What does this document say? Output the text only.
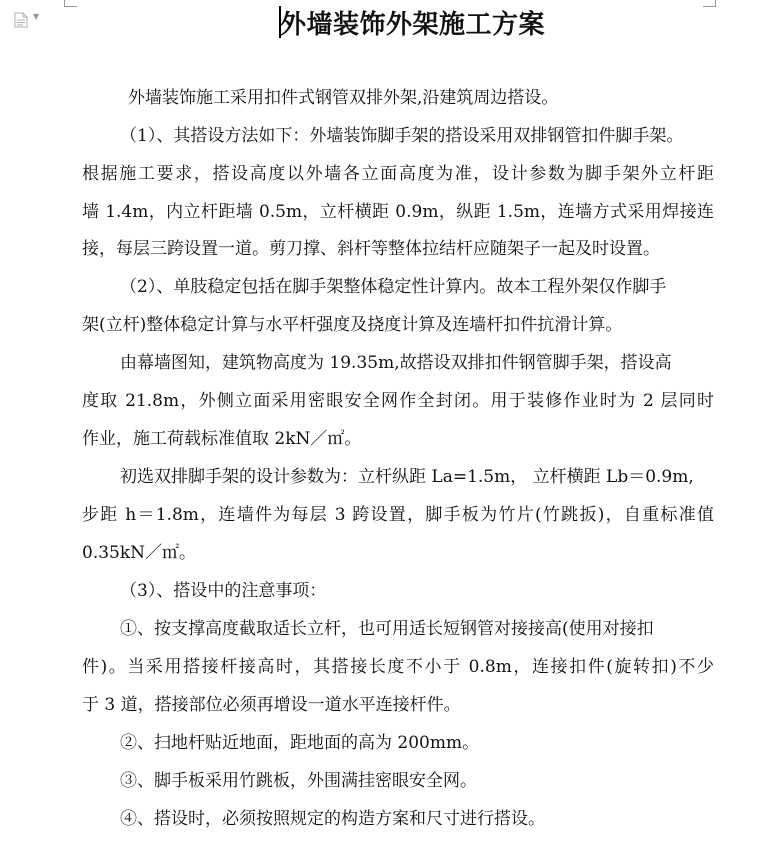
▼	外墙装饰外架施工方案
外墙装饰施工采用扣件式钢管双排外架,沿建筑周边搭设。
（1）、其搭设方法如下：外墙装饰脚手架的搭设采用双排钢管扣件脚手架。
根据施工要求，搭设高度以外墙各立面高度为准，设计参数为脚手架外立杆距
墙 1.4m，内立杆距墙 0.5m，立杆横距 0.9m，纵距 1.5m，连墙方式采用焊接连
接，每层三跨设置一道。剪刀撑、斜杆等整体拉结杆应随架子一起及时设置。
（2）、单肢稳定包括在脚手架整体稳定性计算内。故本工程外架仅作脚手
架(立杆)整体稳定计算与水平杆强度及挠度计算及连墙杆扣件抗滑计算。
由幕墙图知，建筑物高度为 19.35m,故搭设双排扣件钢管脚手架，搭设高
度取 21.8m，外侧立面采用密眼安全网作全封闭。用于装修作业时为 2 层同时
作业，施工荷载标准值取 2kN／㎡。
初选双排脚手架的设计参数为：立杆纵距 La=1.5m， 立杆横距 Lb＝0.9m,
步距 h＝1.8m，连墙件为每层 3 跨设置，脚手板为竹片(竹跳扳)，自重标准值
0.35kN／㎡。
（3）、搭设中的注意事项：
①、按支撑高度截取适长立杆，也可用适长短钢管对接接高(使用对接扣
件)。当采用搭接杆接高时，其搭接长度不小于 0.8m，连接扣件(旋转扣)不少
于 3 道，搭接部位必须再增设一道水平连接杆件。
②、扫地杆贴近地面，距地面的高为 200mm。
③、脚手板采用竹跳板，外围满挂密眼安全网。
④、搭设时，必须按照规定的构造方案和尺寸进行搭设。
